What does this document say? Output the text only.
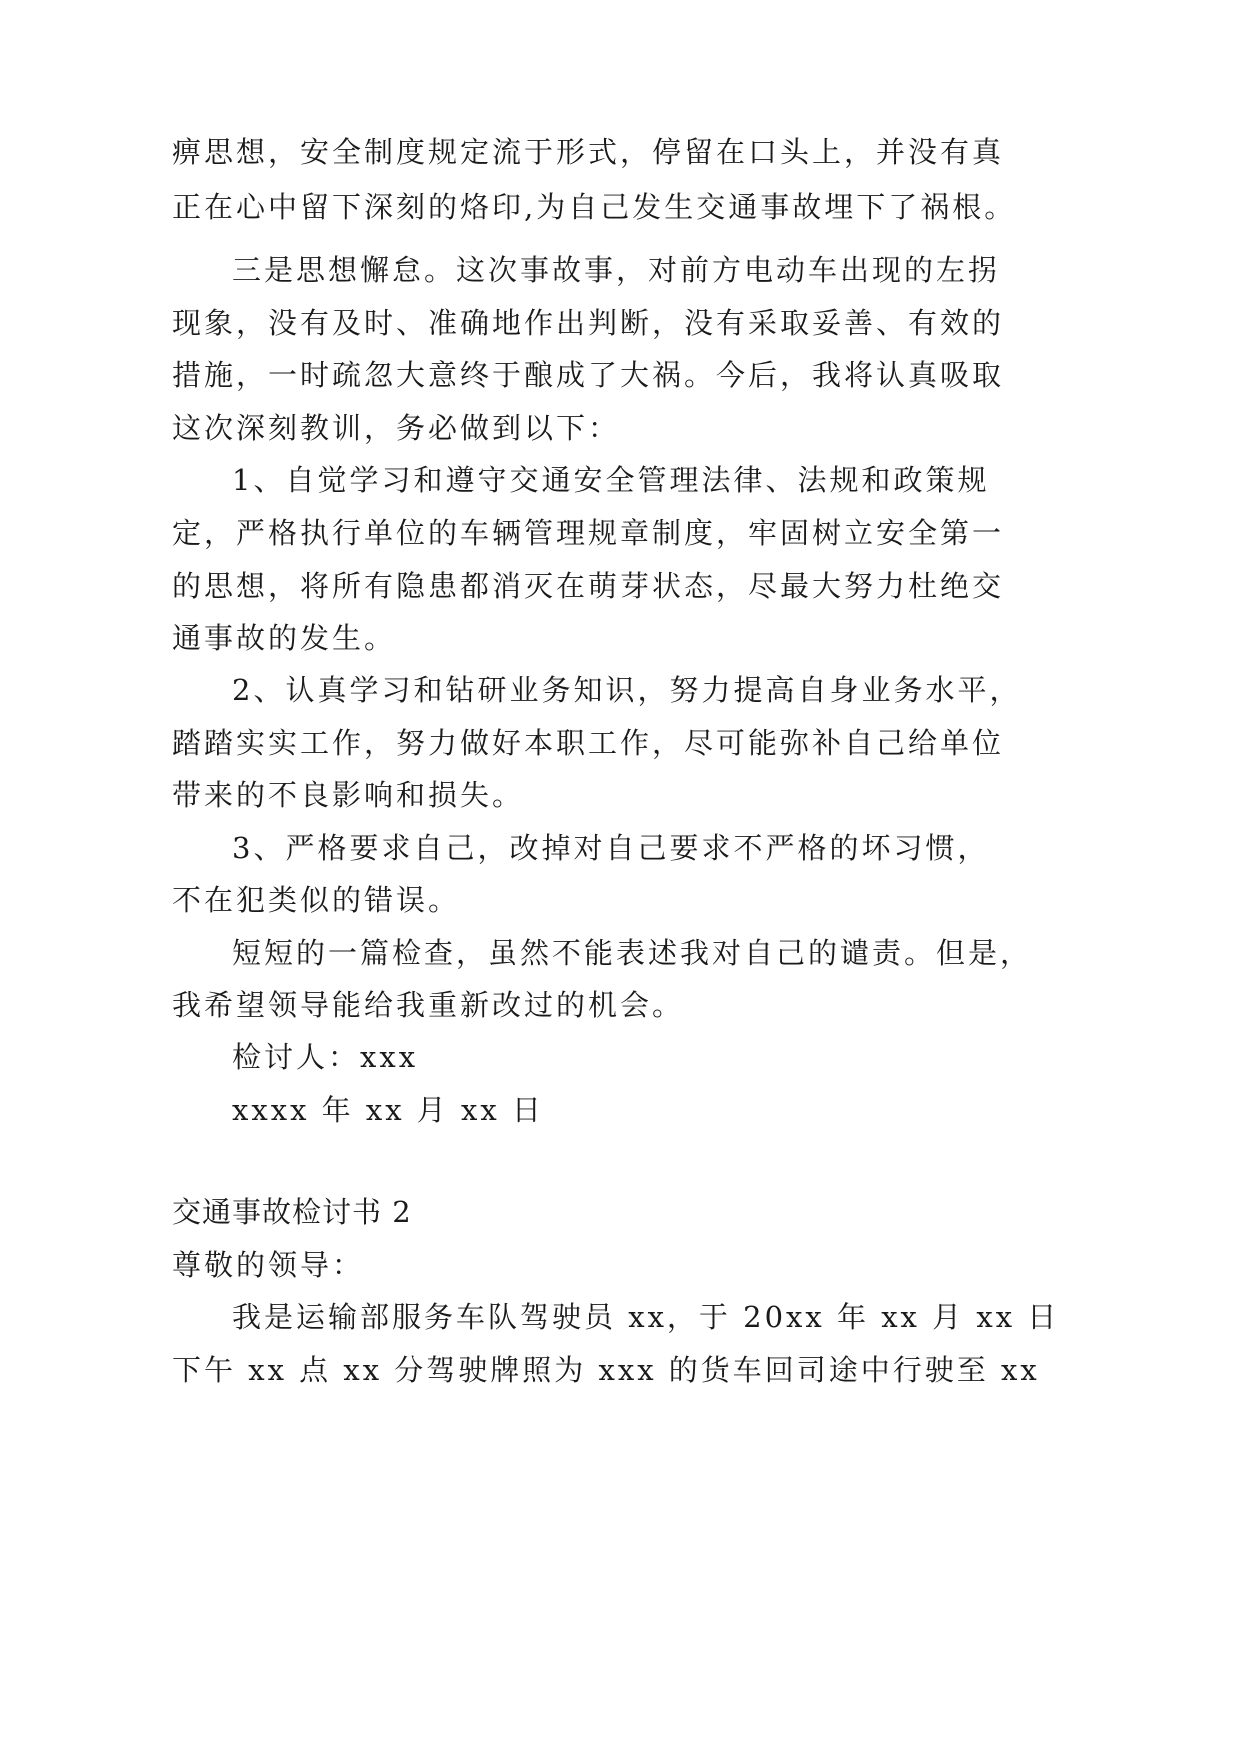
痹思想，安全制度规定流于形式，停留在口头上，并没有真
正在心中留下深刻的烙印,为自己发生交通事故埋下了祸根。
三是思想懈怠。这次事故事，对前方电动车出现的左拐
现象，没有及时、准确地作出判断，没有采取妥善、有效的
措施，一时疏忽大意终于酿成了大祸。今后，我将认真吸取
这次深刻教训，务必做到以下：
1、自觉学习和遵守交通安全管理法律、法规和政策规
定，严格执行单位的车辆管理规章制度，牢固树立安全第一
的思想，将所有隐患都消灭在萌芽状态，尽最大努力杜绝交
通事故的发生。
2、认真学习和钻研业务知识，努力提高自身业务水平，
踏踏实实工作，努力做好本职工作，尽可能弥补自己给单位
带来的不良影响和损失。
3、严格要求自己，改掉对自己要求不严格的坏习惯，
不在犯类似的错误。
短短的一篇检查，虽然不能表述我对自己的谴责。但是，
我希望领导能给我重新改过的机会。
检讨人：xxx
xxxx 年 xx 月 xx 日
交通事故检讨书 2
尊敬的领导：
我是运输部服务车队驾驶员 xx，于 20xx 年 xx 月 xx 日
下午 xx 点 xx 分驾驶牌照为 xxx 的货车回司途中行驶至 xx
